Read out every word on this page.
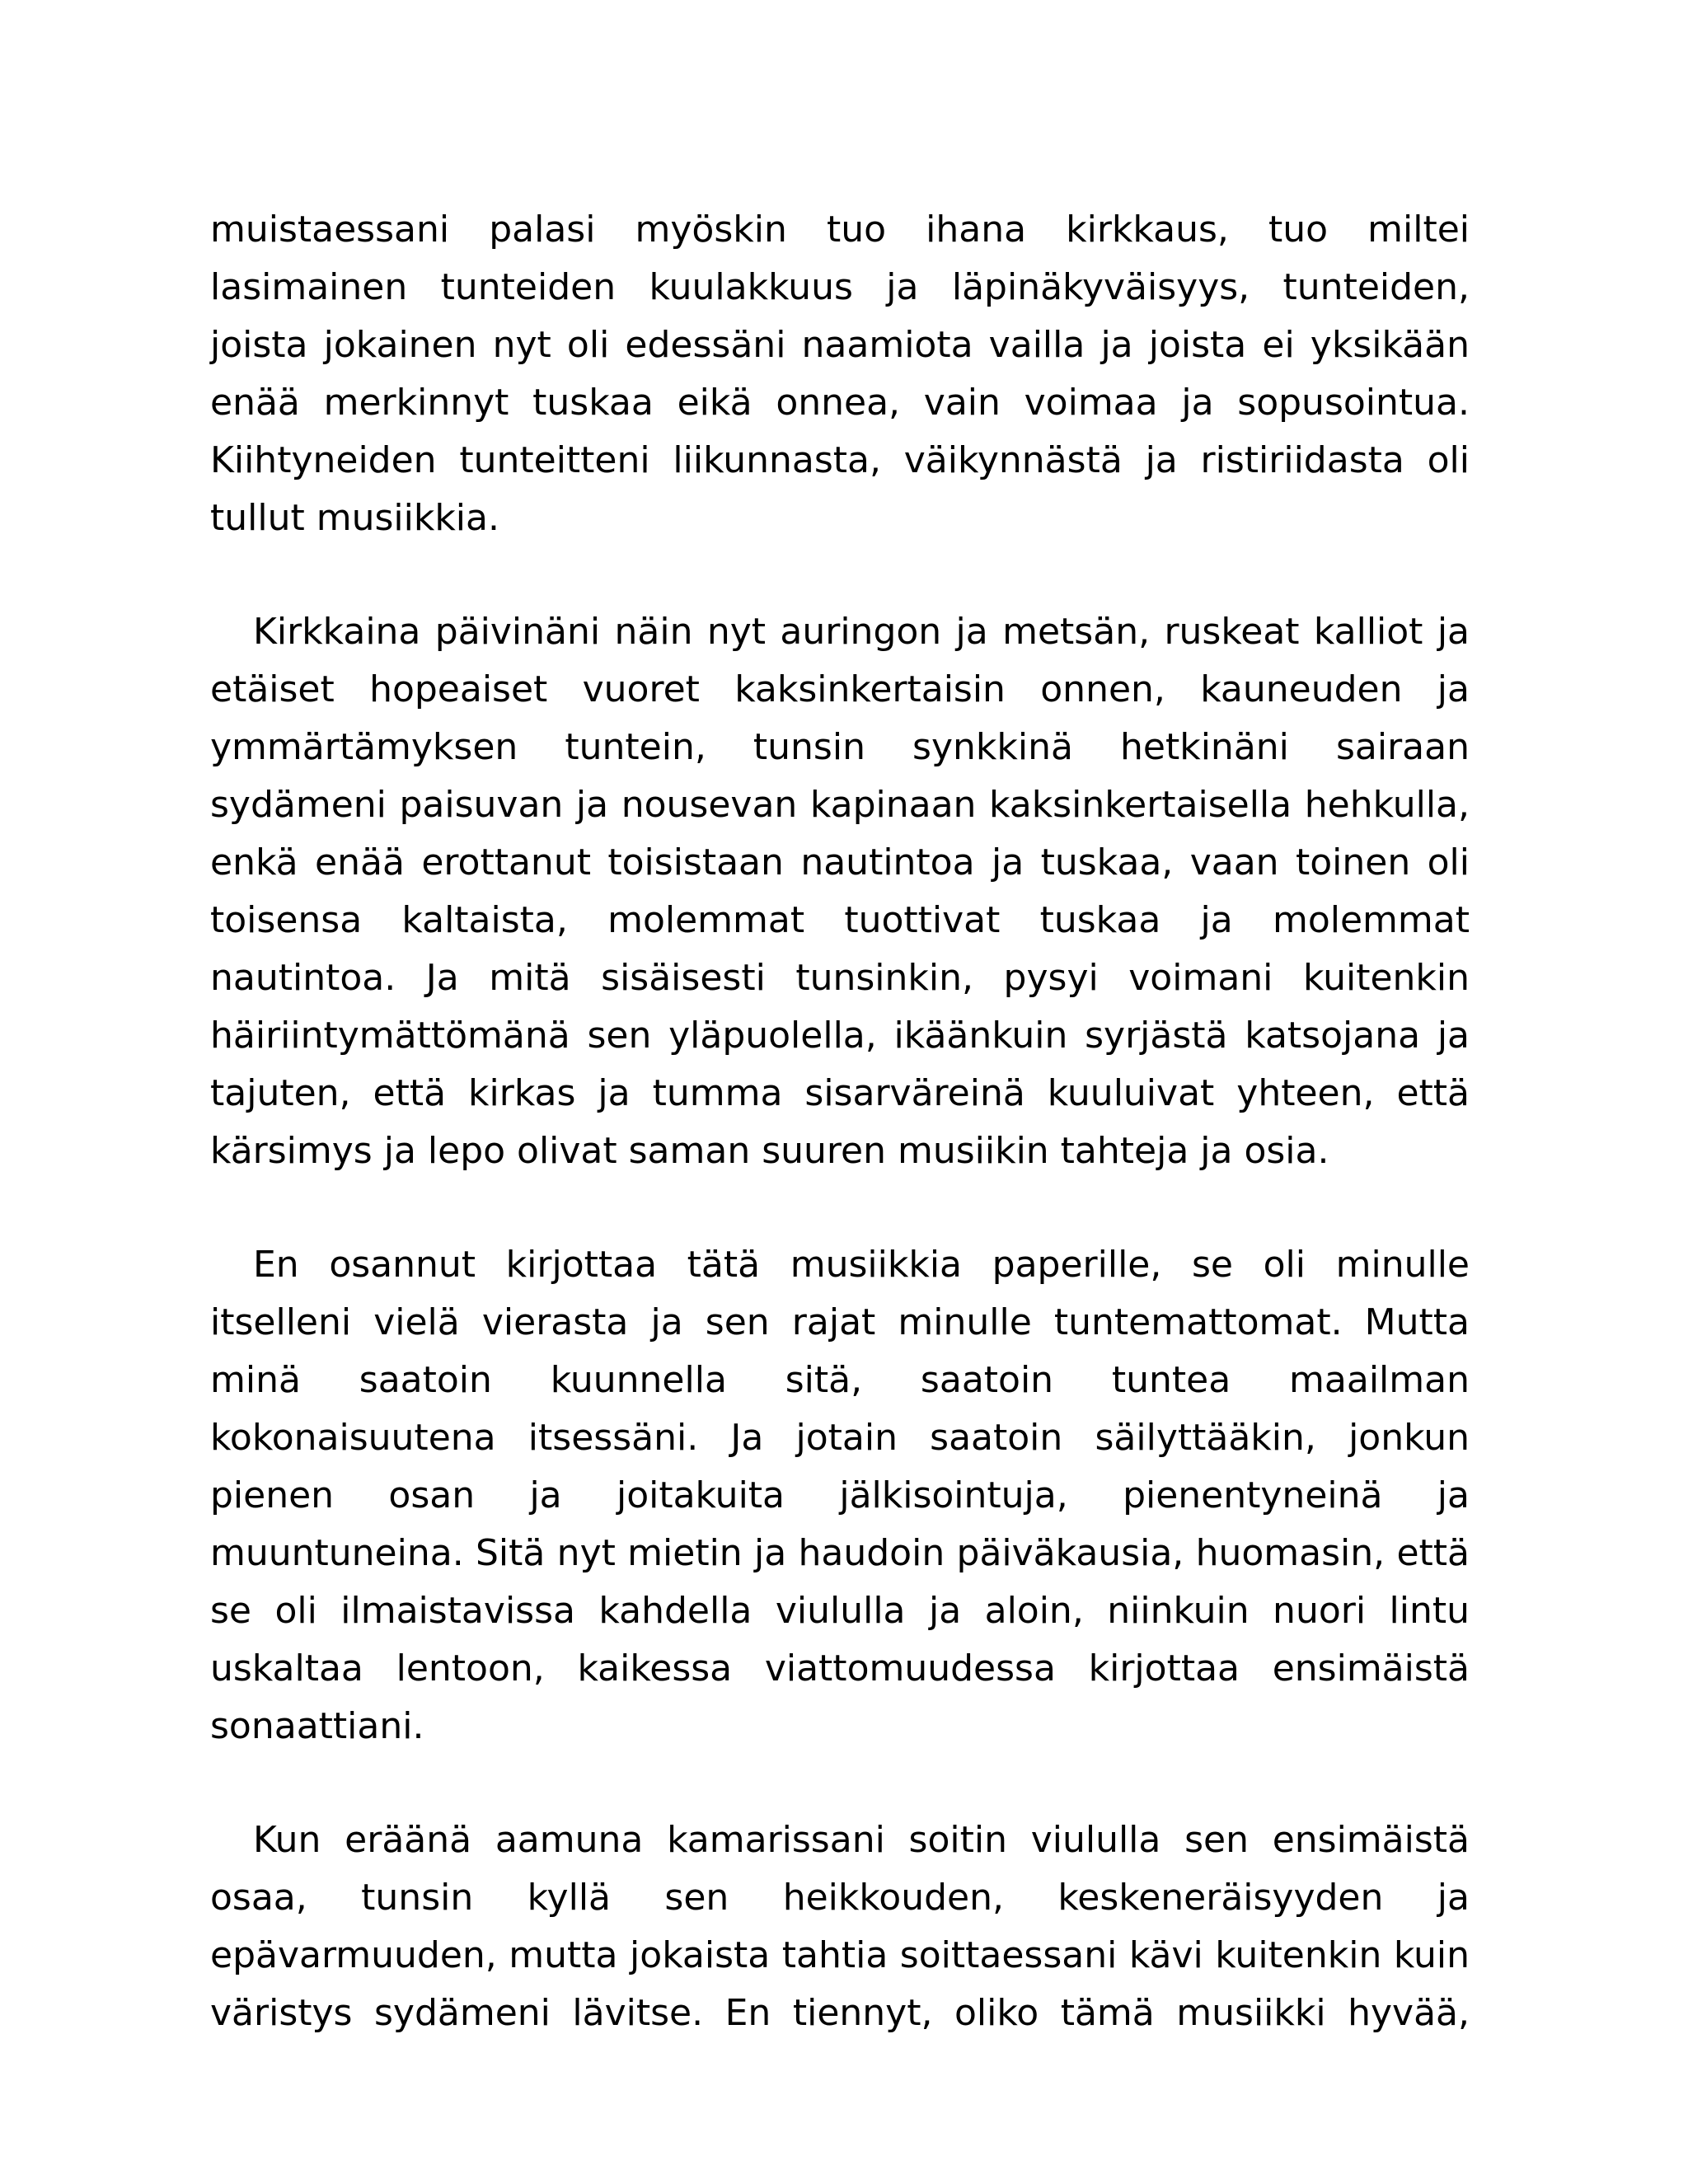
muistaessani palasi myöskin tuo ihana kirkkaus, tuo miltei lasimainen tunteiden kuulakkuus ja läpinäkyväisyys, tunteiden, joista jokainen nyt oli edessäni naamiota vailla ja joista ei yksikään enää merkinnyt tuskaa eikä onnea, vain voimaa ja sopusointua. Kiihtyneiden tunteitteni liikunnasta, väikynnästä ja ristiriidasta oli tullut musiikkia.

Kirkkaina päivinäni näin nyt auringon ja metsän, ruskeat kalliot ja etäiset hopeaiset vuoret kaksinkertaisin onnen, kauneuden ja ymmärtämyksen tuntein, tunsin synkkinä hetkinäni sairaan sydämeni paisuvan ja nousevan kapinaan kaksinkertaisella hehkulla, enkä enää erottanut toisistaan nautintoa ja tuskaa, vaan toinen oli toisensa kaltaista, molemmat tuottivat tuskaa ja molemmat nautintoa. Ja mitä sisäisesti tunsinkin, pysyi voimani kuitenkin häiriintymättömänä sen yläpuolella, ikäänkuin syrjästä katsojana ja tajuten, että kirkas ja tumma sisarväreinä kuuluivat yhteen, että kärsimys ja lepo olivat saman suuren musiikin tahteja ja osia.

En osannut kirjottaa tätä musiikkia paperille, se oli minulle itselleni vielä vierasta ja sen rajat minulle tuntemattomat. Mutta minä saatoin kuunnella sitä, saatoin tuntea maailman kokonaisuutena itsessäni. Ja jotain saatoin säilyttääkin, jonkun pienen osan ja joitakuita jälkisointuja, pienentyneinä ja muuntuneina. Sitä nyt mietin ja haudoin päiväkausia, huomasin, että se oli ilmaistavissa kahdella viululla ja aloin, niinkuin nuori lintu uskaltaa lentoon, kaikessa viattomuudessa kirjottaa ensimäistä sonaattiani.

Kun eräänä aamuna kamarissani soitin viululla sen ensimäistä osaa, tunsin kyllä sen heikkouden, keskeneräisyyden ja epävarmuuden, mutta jokaista tahtia soittaessani kävi kuitenkin kuin väristys sydämeni lävitse. En tiennyt, oliko tämä musiikki hyvää,
